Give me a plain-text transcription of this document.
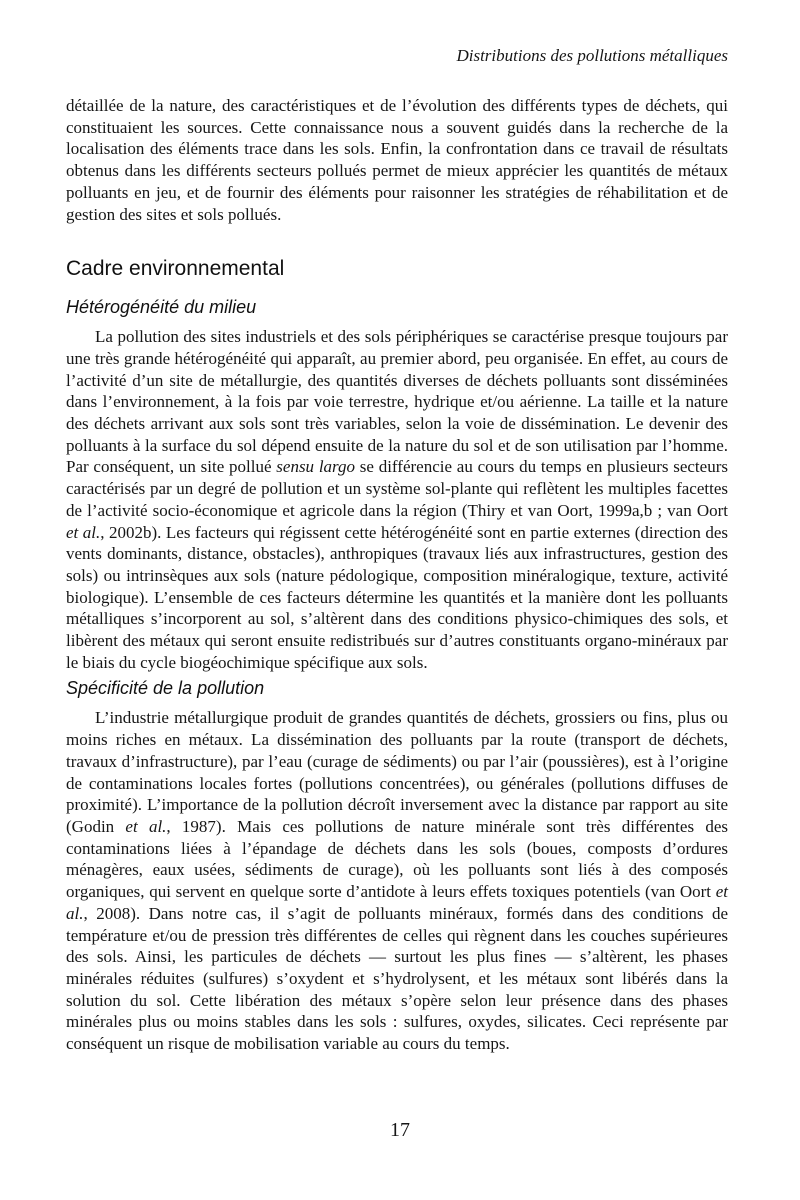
Distributions des pollutions métalliques

détaillée de la nature, des caractéristiques et de l’évolution des différents types de déchets, qui constituaient les sources. Cette connaissance nous a souvent guidés dans la recherche de la localisation des éléments trace dans les sols. Enfin, la confrontation dans ce travail de résultats obtenus dans les différents secteurs pollués permet de mieux apprécier les quantités de métaux polluants en jeu, et de fournir des éléments pour raisonner les stratégies de réhabilitation et de gestion des sites et sols pollués.

Cadre environnemental
Hétérogénéité du milieu

La pollution des sites industriels et des sols périphériques se caractérise presque toujours par une très grande hétérogénéité qui apparaît, au premier abord, peu organisée. En effet, au cours de l’activité d’un site de métallurgie, des quantités diverses de déchets polluants sont disséminées dans l’environnement, à la fois par voie terrestre, hydrique et/ou aérienne. La taille et la nature des déchets arrivant aux sols sont très variables, selon la voie de dissémination. Le devenir des polluants à la surface du sol dépend ensuite de la nature du sol et de son utilisation par l’homme. Par conséquent, un site pollué sensu largo se différencie au cours du temps en plusieurs secteurs caractérisés par un degré de pollution et un système sol-plante qui reflètent les multiples facettes de l’activité socio-économique et agricole dans la région (Thiry et van Oort, 1999a,b ; van Oort et al., 2002b). Les facteurs qui régissent cette hétérogénéité sont en partie externes (direction des vents dominants, distance, obstacles), anthropiques (travaux liés aux infrastructures, gestion des sols) ou intrinsèques aux sols (nature pédologique, composition minéralogique, texture, activité biologique). L’ensemble de ces facteurs détermine les quantités et la manière dont les polluants métalliques s’incorporent au sol, s’altèrent dans des conditions physico-chimiques des sols, et libèrent des métaux qui seront ensuite redistribués sur d’autres constituants organo-minéraux par le biais du cycle biogéochimique spécifique aux sols.

Spécificité de la pollution

L’industrie métallurgique produit de grandes quantités de déchets, grossiers ou fins, plus ou moins riches en métaux. La dissémination des polluants par la route (transport de déchets, travaux d’infrastructure), par l’eau (curage de sédiments) ou par l’air (poussières), est à l’origine de contaminations locales fortes (pollutions concentrées), ou générales (pollutions diffuses de proximité). L’importance de la pollution décroît inversement avec la distance par rapport au site (Godin et al., 1987). Mais ces pollutions de nature minérale sont très différentes des contaminations liées à l’épandage de déchets dans les sols (boues, composts d’ordures ménagères, eaux usées, sédiments de curage), où les polluants sont liés à des composés organiques, qui servent en quelque sorte d’antidote à leurs effets toxiques potentiels (van Oort et al., 2008). Dans notre cas, il s’agit de polluants minéraux, formés dans des conditions de température et/ou de pression très différentes de celles qui règnent dans les couches supérieures des sols. Ainsi, les particules de déchets — surtout les plus fines — s’altèrent, les phases minérales réduites (sulfures) s’oxydent et s’hydrolysent, et les métaux sont libérés dans la solution du sol. Cette libération des métaux s’opère selon leur présence dans des phases minérales plus ou moins stables dans les sols : sulfures, oxydes, silicates. Ceci représente par conséquent un risque de mobilisation variable au cours du temps.

17
